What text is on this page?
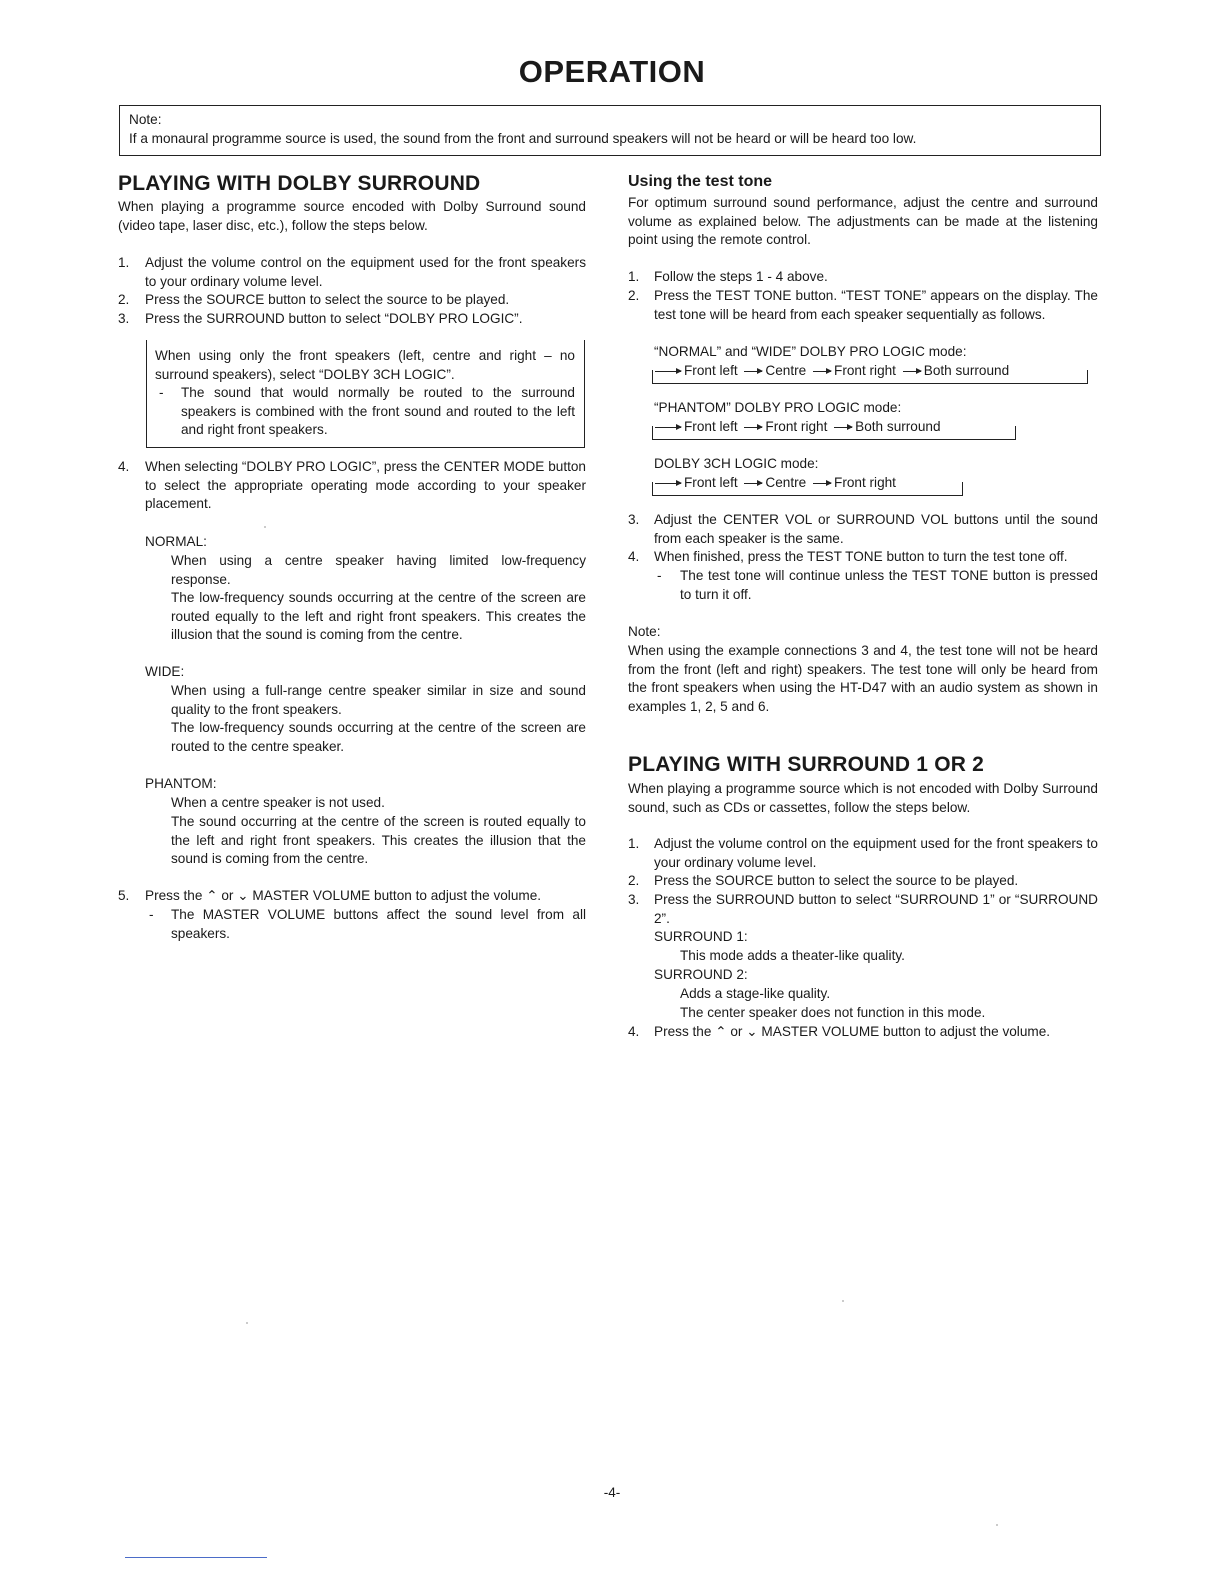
OPERATION
Note:
If a monaural programme source is used, the sound from the front and surround speakers will not be heard or will be heard too low.
PLAYING WITH DOLBY SURROUND
When playing a programme source encoded with Dolby Surround sound (video tape, laser disc, etc.), follow the steps below.
1.	Adjust the volume control on the equipment used for the front speakers to your ordinary volume level.
2.	Press the SOURCE button to select the source to be played.
3.	Press the SURROUND button to select “DOLBY PRO LOGIC”.
When using only the front speakers (left, centre and right – no surround speakers), select “DOLBY 3CH LOGIC”.
- The sound that would normally be routed to the surround speakers is combined with the front sound and routed to the left and right front speakers.
4.	When selecting “DOLBY PRO LOGIC”, press the CENTER MODE button to select the appropriate operating mode according to your speaker placement.
NORMAL:
When using a centre speaker having limited low-frequency response.
The low-frequency sounds occurring at the centre of the screen are routed equally to the left and right front speakers. This creates the illusion that the sound is coming from the centre.
WIDE:
When using a full-range centre speaker similar in size and sound quality to the front speakers.
The low-frequency sounds occurring at the centre of the screen are routed to the centre speaker.
PHANTOM:
When a centre speaker is not used.
The sound occurring at the centre of the screen is routed equally to the left and right front speakers. This creates the illusion that the sound is coming from the centre.
5.	Press the ⌃ or ⌄ MASTER VOLUME button to adjust the volume.
- The MASTER VOLUME buttons affect the sound level from all speakers.
Using the test tone
For optimum surround sound performance, adjust the centre and surround volume as explained below. The adjustments can be made at the listening point using the remote control.
1.	Follow the steps 1 - 4 above.
2.	Press the TEST TONE button. “TEST TONE” appears on the display. The test tone will be heard from each speaker sequentially as follows.
“NORMAL” and “WIDE” DOLBY PRO LOGIC mode:
Front left Centre Front right Both surround
“PHANTOM” DOLBY PRO LOGIC mode:
Front left Front right Both surround
DOLBY 3CH LOGIC mode:
Front left Centre Front right
3.	Adjust the CENTER VOL or SURROUND VOL buttons until the sound from each speaker is the same.
4.	When finished, press the TEST TONE button to turn the test tone off.
- The test tone will continue unless the TEST TONE button is pressed to turn it off.
Note:
When using the example connections 3 and 4, the test tone will not be heard from the front (left and right) speakers. The test tone will only be heard from the front speakers when using the HT-D47 with an audio system as shown in examples 1, 2, 5 and 6.
PLAYING WITH SURROUND 1 OR 2
When playing a programme source which is not encoded with Dolby Surround sound, such as CDs or cassettes, follow the steps below.
1.	Adjust the volume control on the equipment used for the front speakers to your ordinary volume level.
2.	Press the SOURCE button to select the source to be played.
3.	Press the SURROUND button to select “SURROUND 1” or “SURROUND 2”.
SURROUND 1:
This mode adds a theater-like quality.
SURROUND 2:
Adds a stage-like quality.
The center speaker does not function in this mode.
4.	Press the ⌃ or ⌄ MASTER VOLUME button to adjust the volume.
-4-
